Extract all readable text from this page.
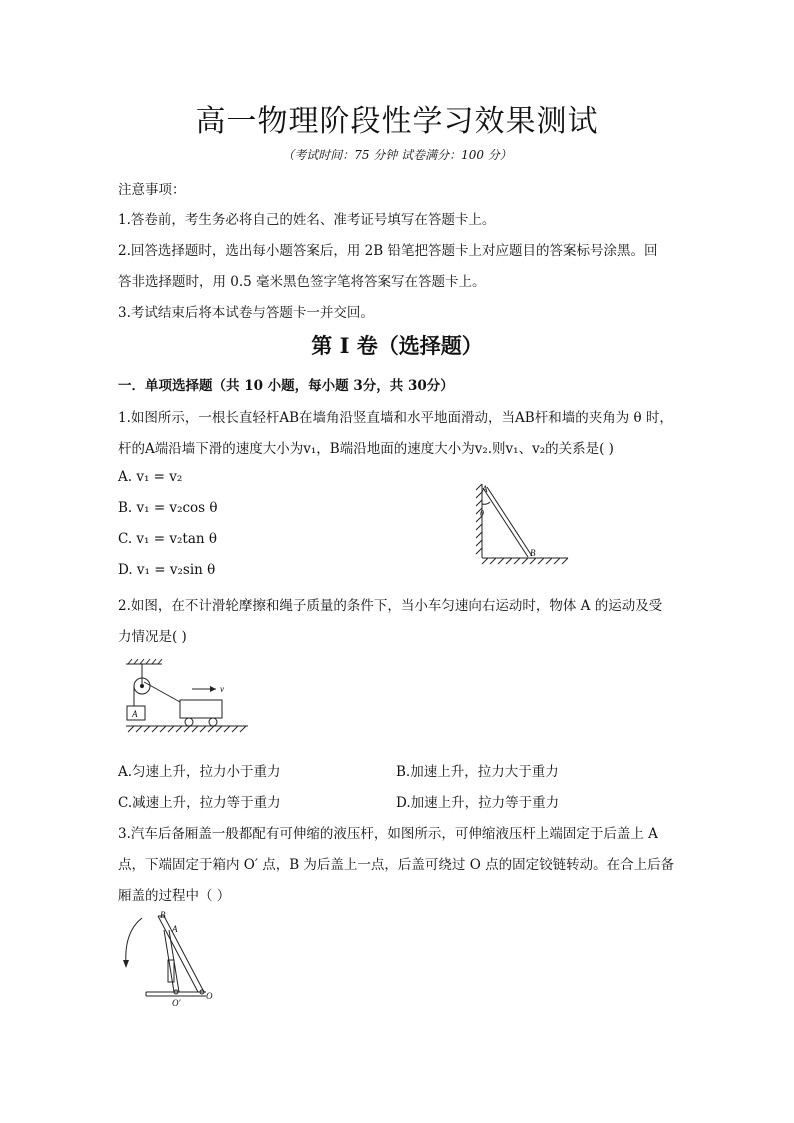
高一物理阶段性学习效果测试
（考试时间：75 分钟 试卷满分：100 分）
注意事项：
1.答卷前，考生务必将自己的姓名、准考证号填写在答题卡上。
2.回答选择题时，选出每小题答案后，用 2B 铅笔把答题卡上对应题目的答案标号涂黑。回
答非选择题时，用 0.5 毫米黑色签字笔将答案写在答题卡上。
3.考试结束后将本试卷与答题卡一并交回。
第 I 卷（选择题）
一．单项选择题（共 10 小题，每小题 3分，共 30分）
1.如图所示，一根长直轻杆AB在墙角沿竖直墙和水平地面滑动，当AB杆和墙的夹角为 θ 时，
杆的A端沿墙下滑的速度大小为v₁，B端沿地面的速度大小为v₂.则v₁、v₂的关系是( )
A. v₁ = v₂
B. v₁ = v₂cos θ
C. v₁ = v₂tan θ
D. v₁ = v₂sin θ
A
θ
B
2.如图，在不计滑轮摩擦和绳子质量的条件下，当小车匀速向右运动时，物体 A 的运动及受
力情况是( )
A
v
A.匀速上升，拉力小于重力	B.加速上升，拉力大于重力
C.减速上升，拉力等于重力	D.加速上升，拉力等于重力
3.汽车后备厢盖一般都配有可伸缩的液压杆，如图所示，可伸缩液压杆上端固定于后盖上 A
点，下端固定于箱内 O′ 点，B 为后盖上一点，后盖可绕过 O 点的固定铰链转动。在合上后备
厢盖的过程中（ ）
B
A
O
O′
